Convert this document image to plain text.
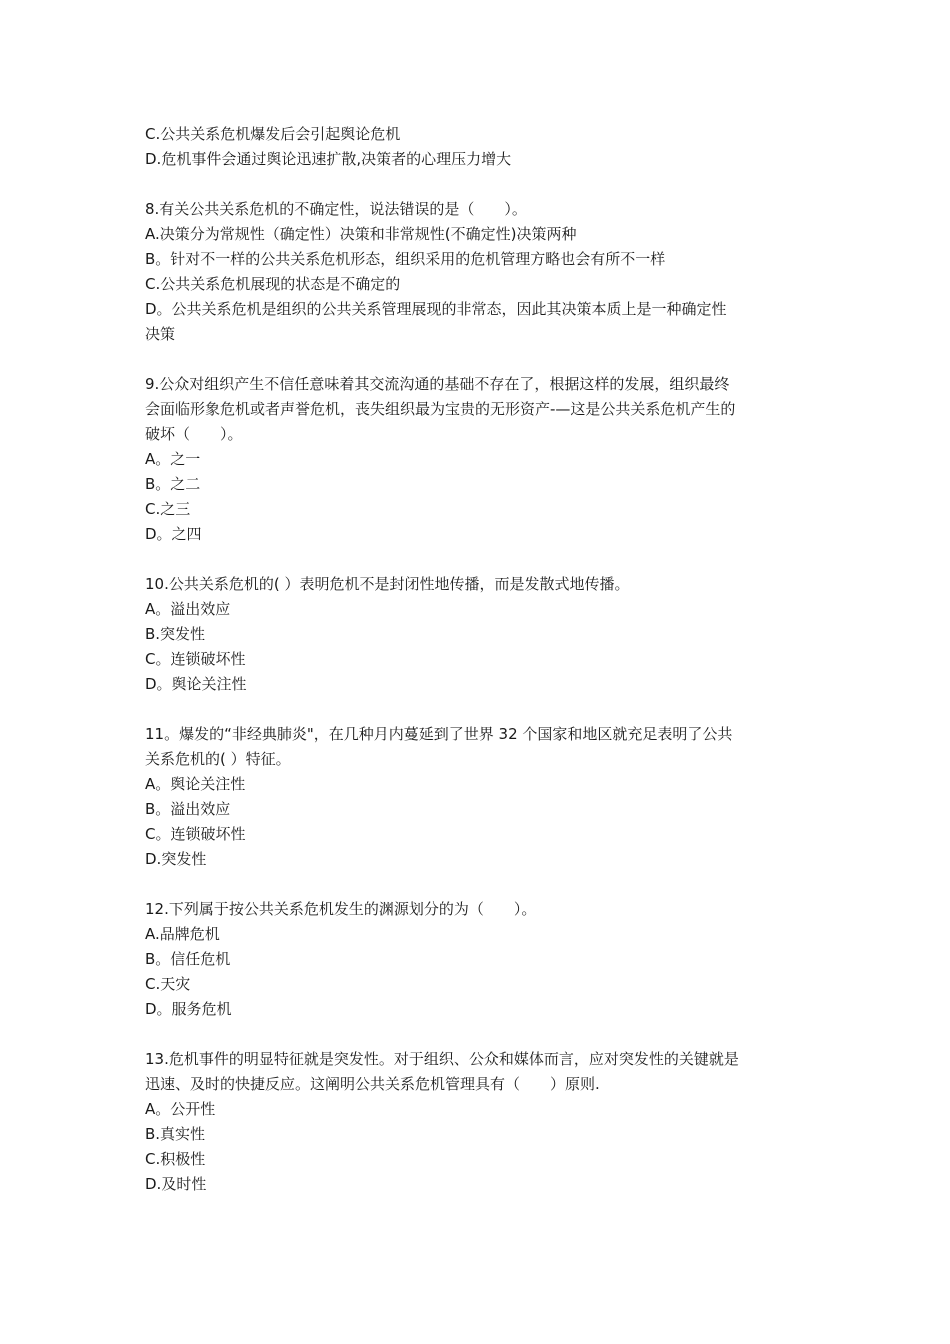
C.公共关系危机爆发后会引起舆论危机

D.危机事件会通过舆论迅速扩散,决策者的心理压力增大

8.有关公共关系危机的不确定性，说法错误的是（　　）。

A.决策分为常规性（确定性）决策和非常规性(不确定性)决策两种

B。针对不一样的公共关系危机形态，组织采用的危机管理方略也会有所不一样

C.公共关系危机展现的状态是不确定的

D。公共关系危机是组织的公共关系管理展现的非常态，因此其决策本质上是一种确定性

决策

9.公众对组织产生不信任意味着其交流沟通的基础不存在了，根据这样的发展，组织最终

会面临形象危机或者声誉危机，丧失组织最为宝贵的无形资产-—这是公共关系危机产生的

破坏（　　）。

A。之一

B。之二

C.之三

D。之四

10.公共关系危机的( ）表明危机不是封闭性地传播，而是发散式地传播。

A。溢出效应

B.突发性

C。连锁破坏性

D。舆论关注性

11。爆发的“非经典肺炎"，在几种月内蔓延到了世界 32 个国家和地区就充足表明了公共

关系危机的( ）特征。

A。舆论关注性

B。溢出效应

C。连锁破坏性

D.突发性

12.下列属于按公共关系危机发生的渊源划分的为（　　）。

A.品牌危机

B。信任危机

C.天灾

D。服务危机

13.危机事件的明显特征就是突发性。对于组织、公众和媒体而言，应对突发性的关键就是

迅速、及时的快捷反应。这阐明公共关系危机管理具有（　　）原则.

A。公开性

B.真实性

C.积极性

D.及时性
